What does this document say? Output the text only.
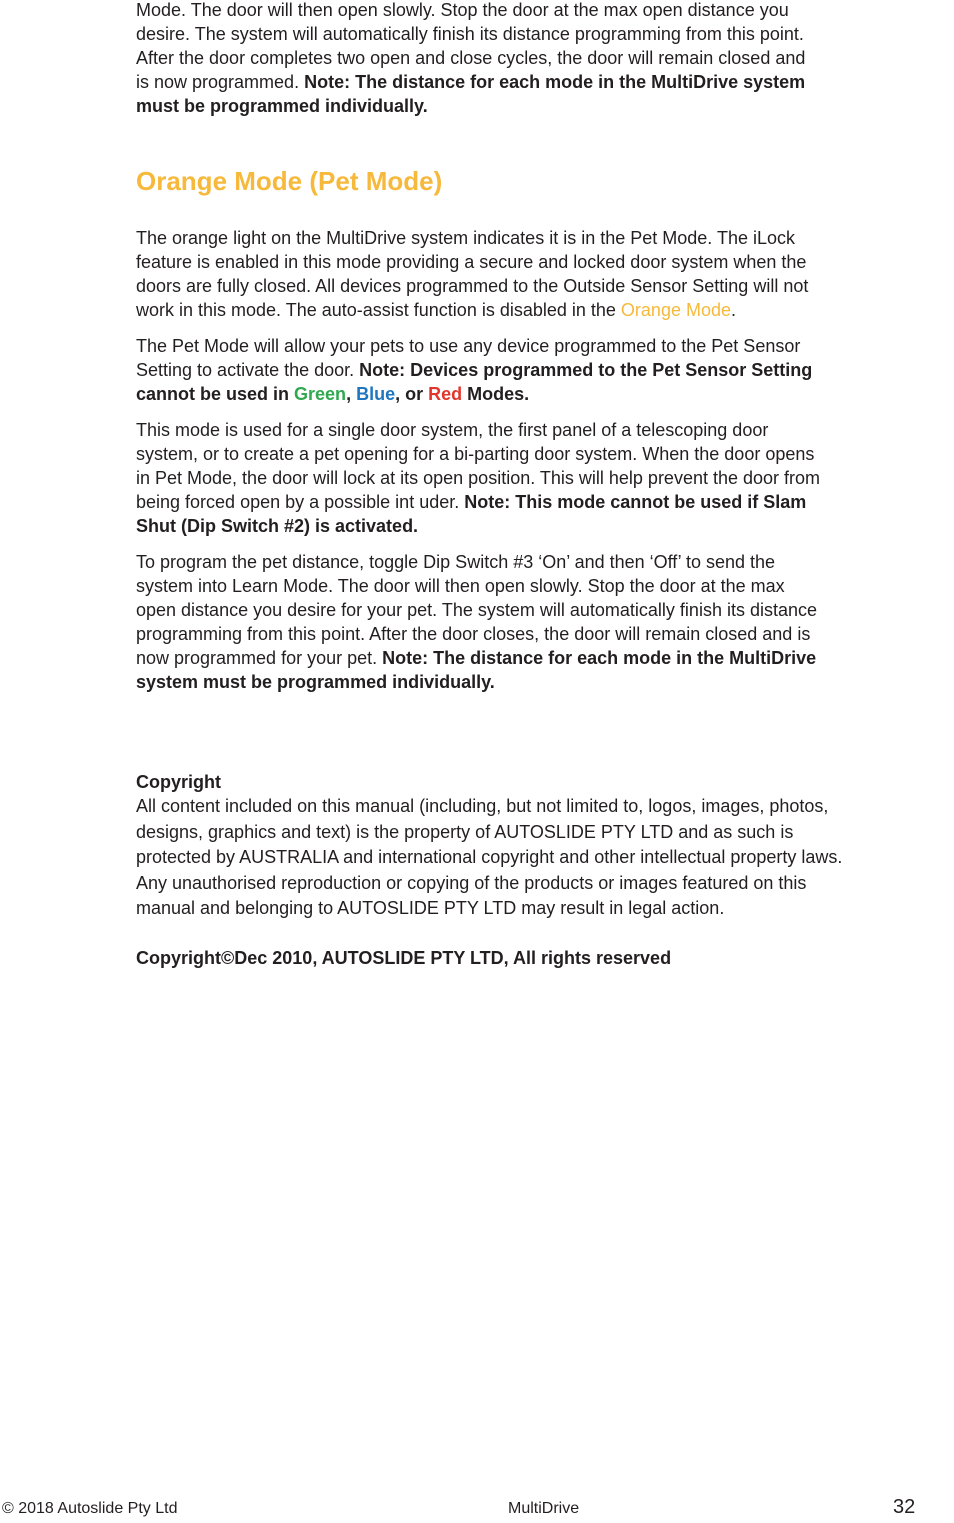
Mode. The door will then open slowly. Stop the door at the max open distance you
desire. The system will automatically finish its distance programming from this point.
After the door completes two open and close cycles, the door will remain closed and
is now programmed. Note: The distance for each mode in the MultiDrive system
must be programmed individually.

Orange Mode (Pet Mode)

The orange light on the MultiDrive system indicates it is in the Pet Mode. The iLock
feature is enabled in this mode providing a secure and locked door system when the
doors are fully closed. All devices programmed to the Outside Sensor Setting will not
work in this mode. The auto-assist function is disabled in the Orange Mode.

The Pet Mode will allow your pets to use any device programmed to the Pet Sensor
Setting to activate the door. Note: Devices programmed to the Pet Sensor Setting
cannot be used in Green, Blue, or Red Modes.

This mode is used for a single door system, the first panel of a telescoping door
system, or to create a pet opening for a bi-parting door system. When the door opens
in Pet Mode, the door will lock at its open position. This will help prevent the door from
being forced open by a possible int uder. Note: This mode cannot be used if Slam
Shut (Dip Switch #2) is activated.

To program the pet distance, toggle Dip Switch #3 ‘On’ and then ‘Off’ to send the
system into Learn Mode. The door will then open slowly. Stop the door at the max
open distance you desire for your pet. The system will automatically finish its distance
programming from this point. After the door closes, the door will remain closed and is
now programmed for your pet. Note: The distance for each mode in the MultiDrive
system must be programmed individually.

Copyright
All content included on this manual (including, but not limited to, logos, images, photos,
designs, graphics and text) is the property of AUTOSLIDE PTY LTD and as such is
protected by AUSTRALIA and international copyright and other intellectual property laws.
Any unauthorised reproduction or copying of the products or images featured on this
manual and belonging to AUTOSLIDE PTY LTD may result in legal action.
Copyright©Dec 2010, AUTOSLIDE PTY LTD, All rights reserved
© 2018 Autoslide Pty Ltd	MultiDrive	32
